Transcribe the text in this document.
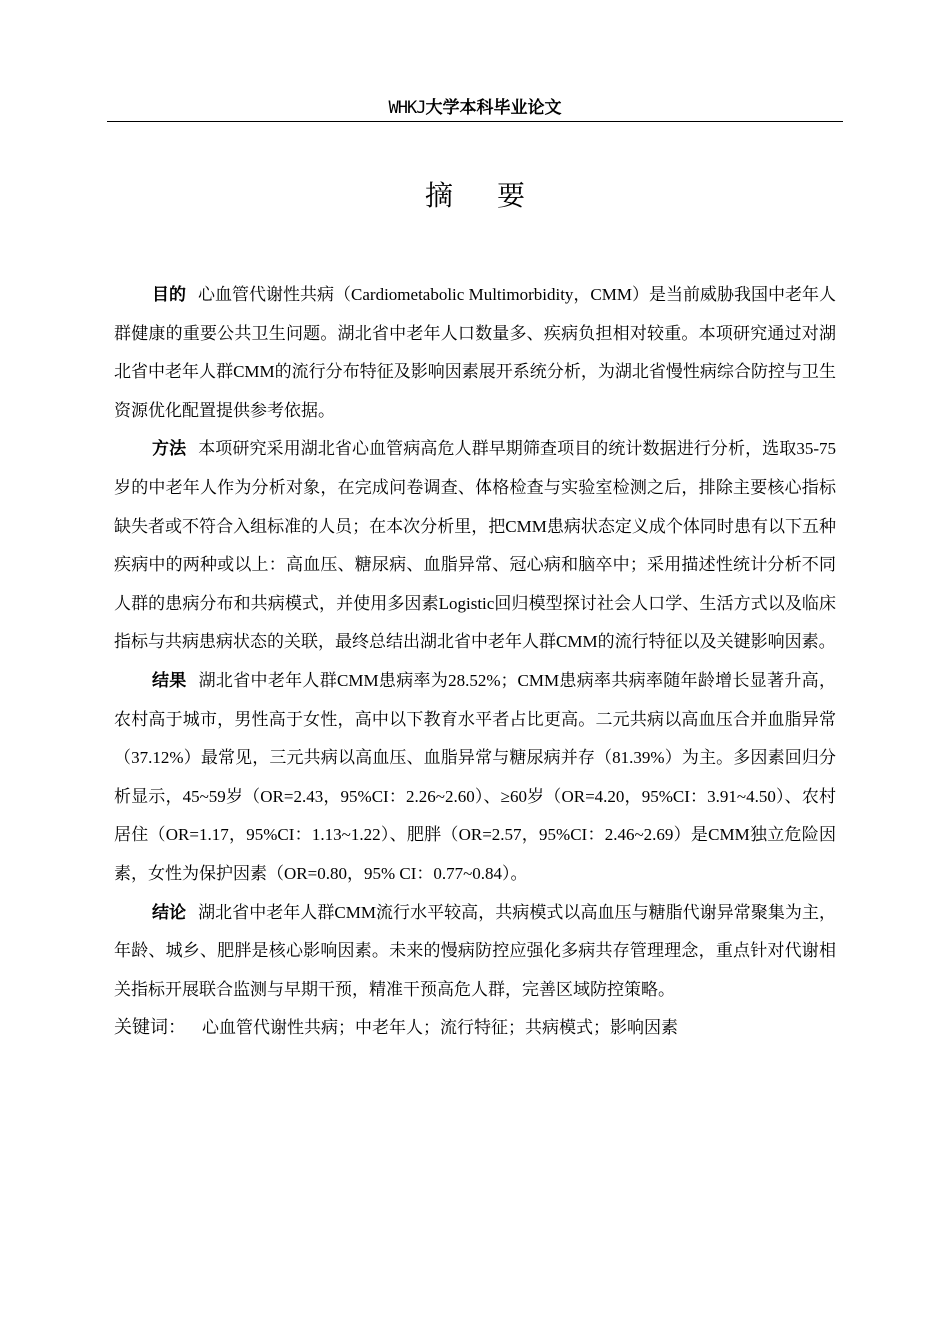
WHKJ大学本科毕业论文
摘要

目的 心血管代谢性共病（Cardiometabolic Multimorbidity，CMM）是当前威胁我国中老年人群健康的重要公共卫生问题。湖北省中老年人口数量多、疾病负担相对较重。本项研究通过对湖北省中老年人群CMM的流行分布特征及影响因素展开系统分析，为湖北省慢性病综合防控与卫生资源优化配置提供参考依据。

方法 本项研究采用湖北省心血管病高危人群早期筛查项目的统计数据进行分析，选取35-75岁的中老年人作为分析对象，在完成问卷调查、体格检查与实验室检测之后，排除主要核心指标缺失者或不符合入组标准的人员；在本次分析里，把CMM患病状态定义成个体同时患有以下五种疾病中的两种或以上：高血压、糖尿病、血脂异常、冠心病和脑卒中；采用描述性统计分析不同人群的患病分布和共病模式，并使用多因素Logistic回归模型探讨社会人口学、生活方式以及临床指标与共病患病状态的关联，最终总结出湖北省中老年人群CMM的流行特征以及关键影响因素。

结果 湖北省中老年人群CMM患病率为28.52%；CMM患病率共病率随年龄增长显著升高，农村高于城市，男性高于女性，高中以下教育水平者占比更高。二元共病以高血压合并血脂异常（37.12%）最常见，三元共病以高血压、血脂异常与糖尿病并存（81.39%）为主。多因素回归分析显示，45~59岁（OR=2.43，95%CI：2.26~2.60）、≥60岁（OR=4.20，95%CI：3.91~4.50）、农村居住（OR=1.17，95%CI：1.13~1.22）、肥胖（OR=2.57，95%CI：2.46~2.69）是CMM独立危险因素，女性为保护因素（OR=0.80，95% CI：0.77~0.84）。

结论 湖北省中老年人群CMM流行水平较高，共病模式以高血压与糖脂代谢异常聚集为主，年龄、城乡、肥胖是核心影响因素。未来的慢病防控应强化多病共存管理理念，重点针对代谢相关指标开展联合监测与早期干预，精准干预高危人群，完善区域防控策略。

关键词： 心血管代谢性共病；中老年人；流行特征；共病模式；影响因素
